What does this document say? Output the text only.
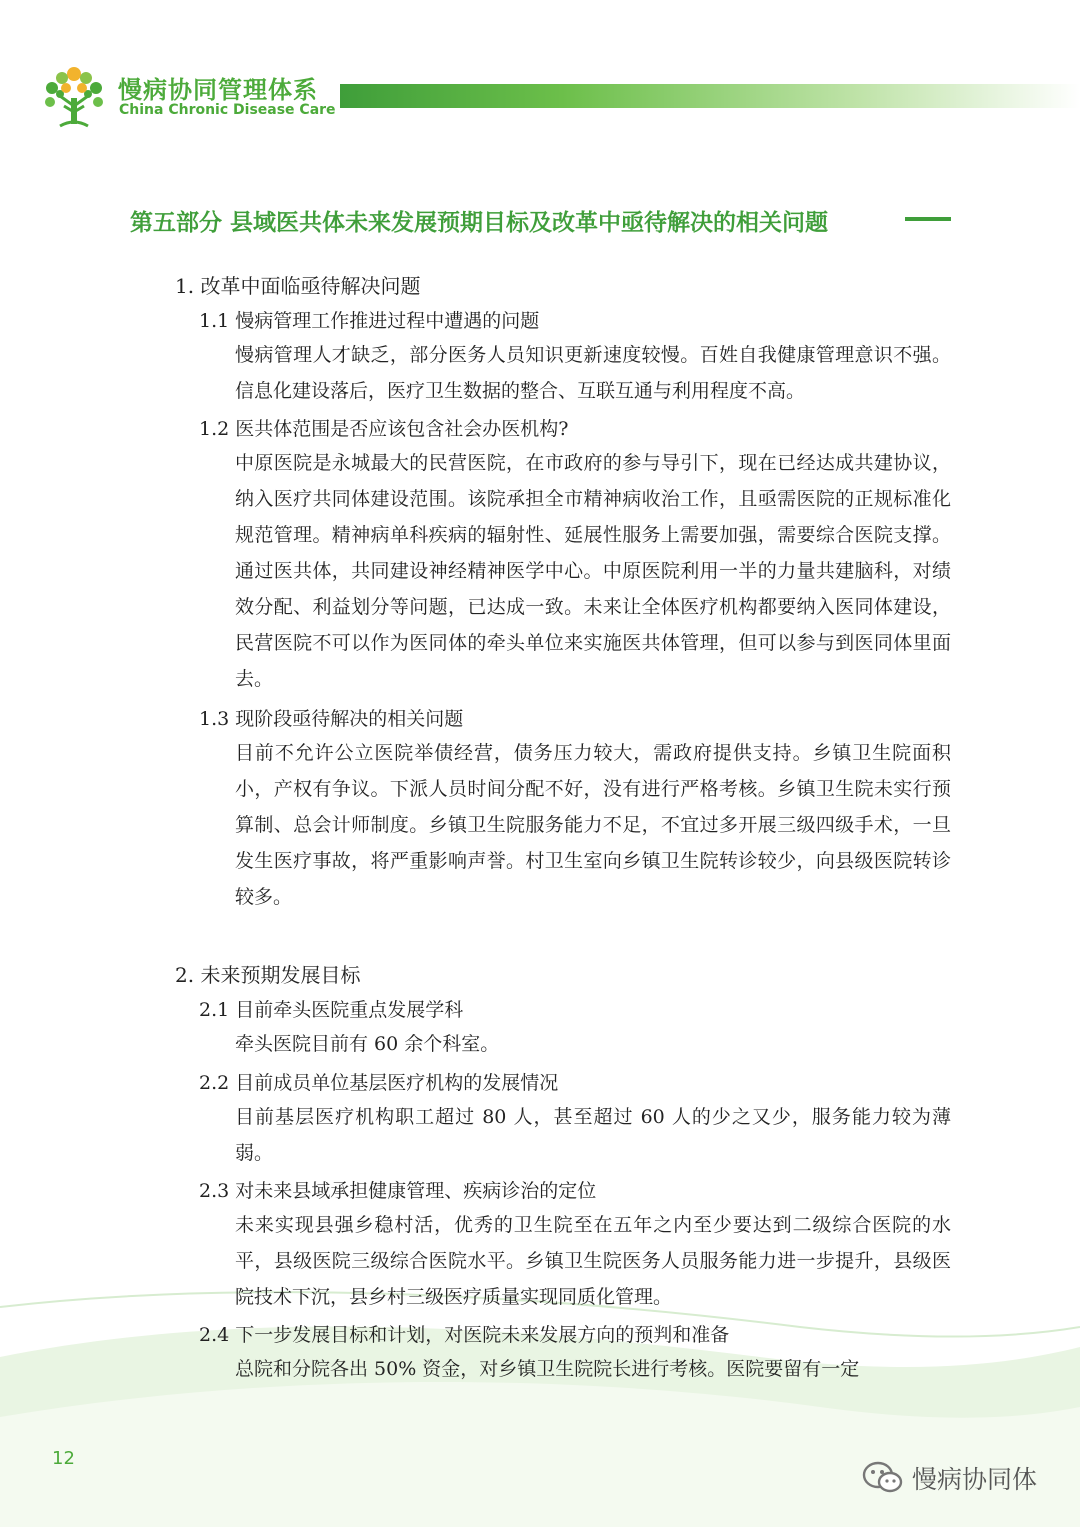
慢病协同管理体系
China Chronic Disease Care
第五部分 县域医共体未来发展预期目标及改革中亟待解决的相关问题
1. 改革中面临亟待解决问题
1.1 慢病管理工作推进过程中遭遇的问题
慢病管理人才缺乏，部分医务人员知识更新速度较慢。百姓自我健康管理意识不强。信息化建设落后，医疗卫生数据的整合、互联互通与利用程度不高。
1.2 医共体范围是否应该包含社会办医机构?
中原医院是永城最大的民营医院，在市政府的参与导引下，现在已经达成共建协议，纳入医疗共同体建设范围。该院承担全市精神病收治工作，且亟需医院的正规标准化规范管理。精神病单科疾病的辐射性、延展性服务上需要加强，需要综合医院支撑。通过医共体，共同建设神经精神医学中心。中原医院利用一半的力量共建脑科，对绩效分配、利益划分等问题，已达成一致。未来让全体医疗机构都要纳入医同体建设，民营医院不可以作为医同体的牵头单位来实施医共体管理，但可以参与到医同体里面去。
1.3 现阶段亟待解决的相关问题
目前不允许公立医院举债经营，债务压力较大，需政府提供支持。乡镇卫生院面积小，产权有争议。下派人员时间分配不好，没有进行严格考核。乡镇卫生院未实行预算制、总会计师制度。乡镇卫生院服务能力不足，不宜过多开展三级四级手术，一旦发生医疗事故，将严重影响声誉。村卫生室向乡镇卫生院转诊较少，向县级医院转诊较多。
2. 未来预期发展目标
2.1 目前牵头医院重点发展学科
牵头医院目前有 60 余个科室。
2.2 目前成员单位基层医疗机构的发展情况
目前基层医疗机构职工超过 80 人，甚至超过 60 人的少之又少，服务能力较为薄弱。
2.3 对未来县域承担健康管理、疾病诊治的定位
未来实现县强乡稳村活，优秀的卫生院至在五年之内至少要达到二级综合医院的水平，县级医院三级综合医院水平。乡镇卫生院医务人员服务能力进一步提升，县级医院技术下沉，县乡村三级医疗质量实现同质化管理。
2.4 下一步发展目标和计划，对医院未来发展方向的预判和准备
总院和分院各出 50% 资金，对乡镇卫生院院长进行考核。医院要留有一定
12
慢病协同体
